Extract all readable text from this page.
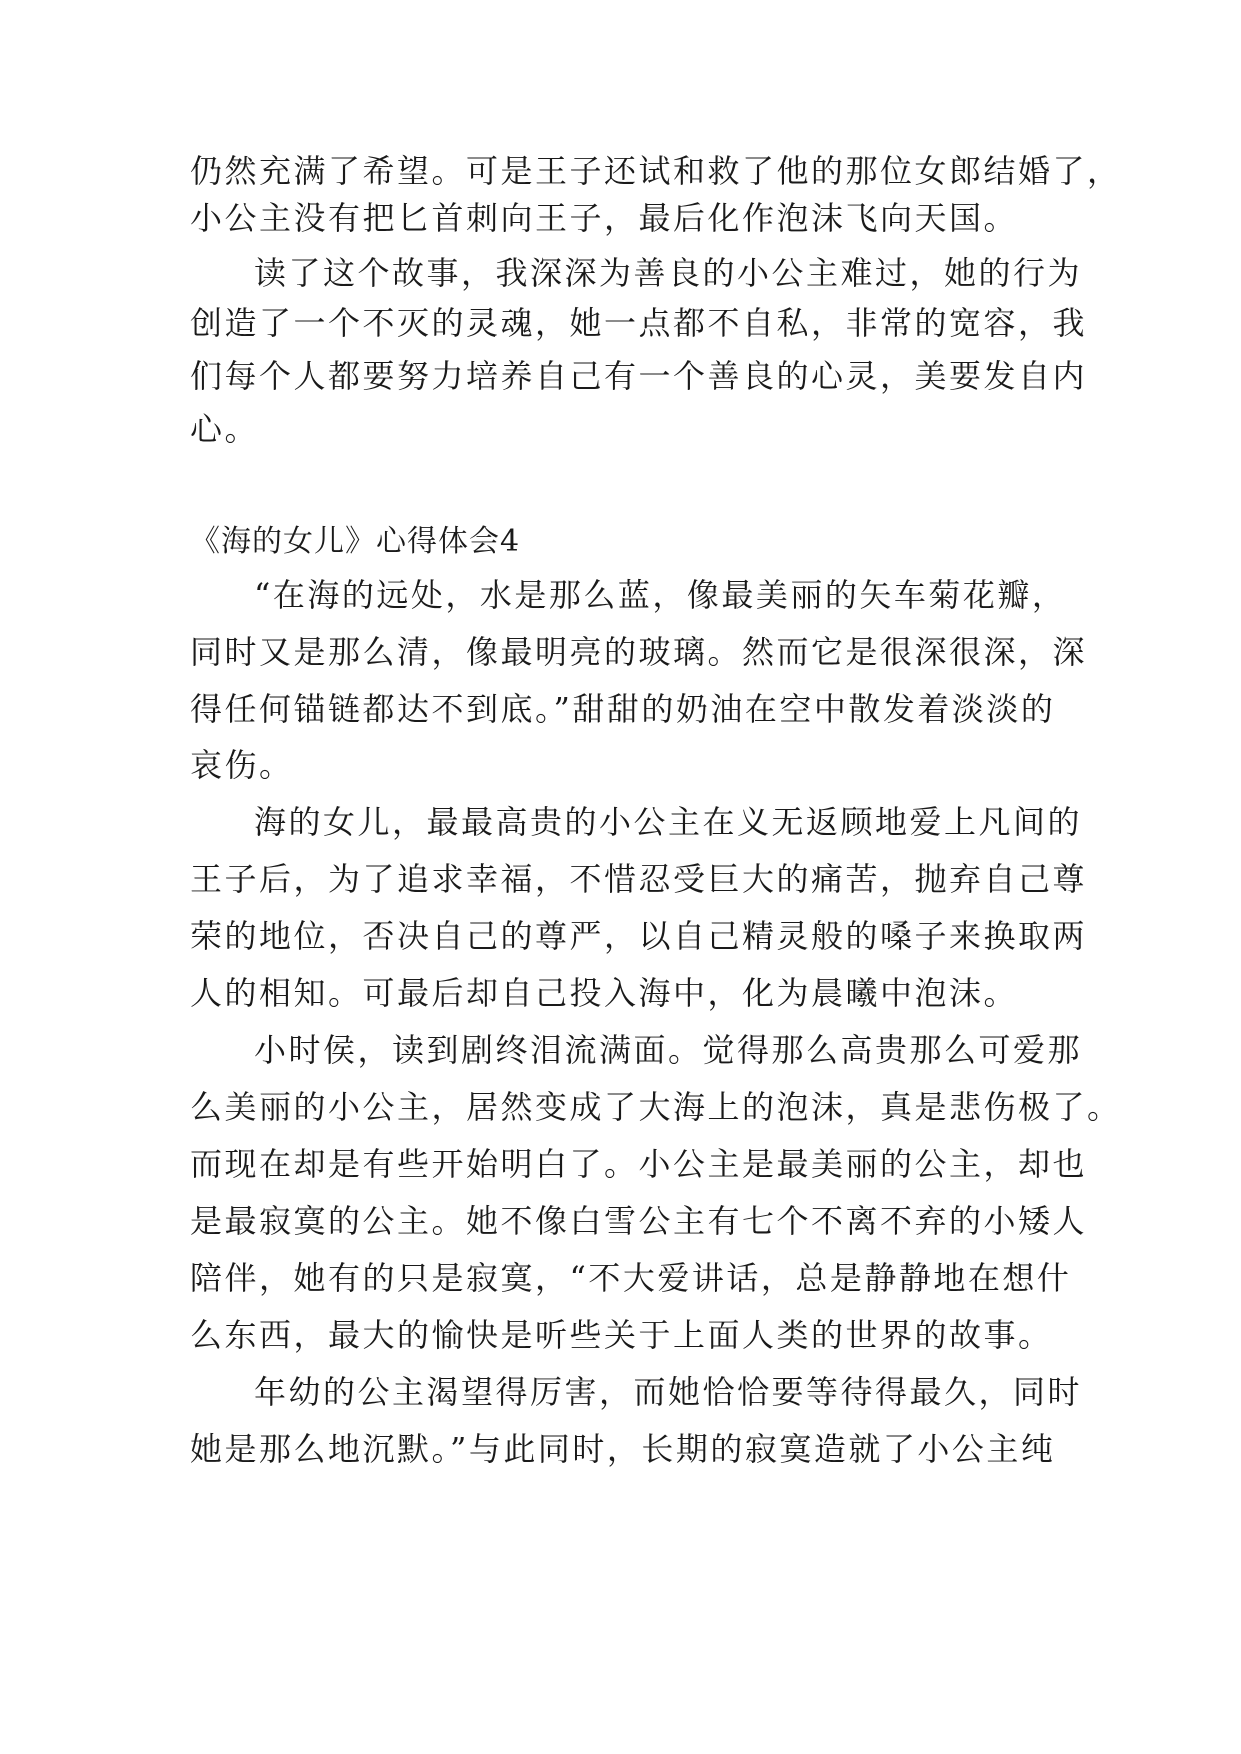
仍然充满了希望。可是王子还试和救了他的那位女郎结婚了，
小公主没有把匕首刺向王子，最后化作泡沫飞向天国。
读了这个故事，我深深为善良的小公主难过，她的行为
创造了一个不灭的灵魂，她一点都不自私，非常的宽容，我
们每个人都要努力培养自己有一个善良的心灵，美要发自内
心。
《海的女儿》心得体会4
“在海的远处，水是那么蓝，像最美丽的矢车菊花瓣，
同时又是那么清，像最明亮的玻璃。然而它是很深很深，深
得任何锚链都达不到底。”甜甜的奶油在空中散发着淡淡的
哀伤。
海的女儿，最最高贵的小公主在义无返顾地爱上凡间的
王子后，为了追求幸福，不惜忍受巨大的痛苦，抛弃自己尊
荣的地位，否决自己的尊严，以自己精灵般的嗓子来换取两
人的相知。可最后却自己投入海中，化为晨曦中泡沫。
小时侯，读到剧终泪流满面。觉得那么高贵那么可爱那
么美丽的小公主，居然变成了大海上的泡沫，真是悲伤极了。
而现在却是有些开始明白了。小公主是最美丽的公主，却也
是最寂寞的公主。她不像白雪公主有七个不离不弃的小矮人
陪伴，她有的只是寂寞，“不大爱讲话，总是静静地在想什
么东西，最大的愉快是听些关于上面人类的世界的故事。
年幼的公主渴望得厉害，而她恰恰要等待得最久，同时
她是那么地沉默。”与此同时，长期的寂寞造就了小公主纯
